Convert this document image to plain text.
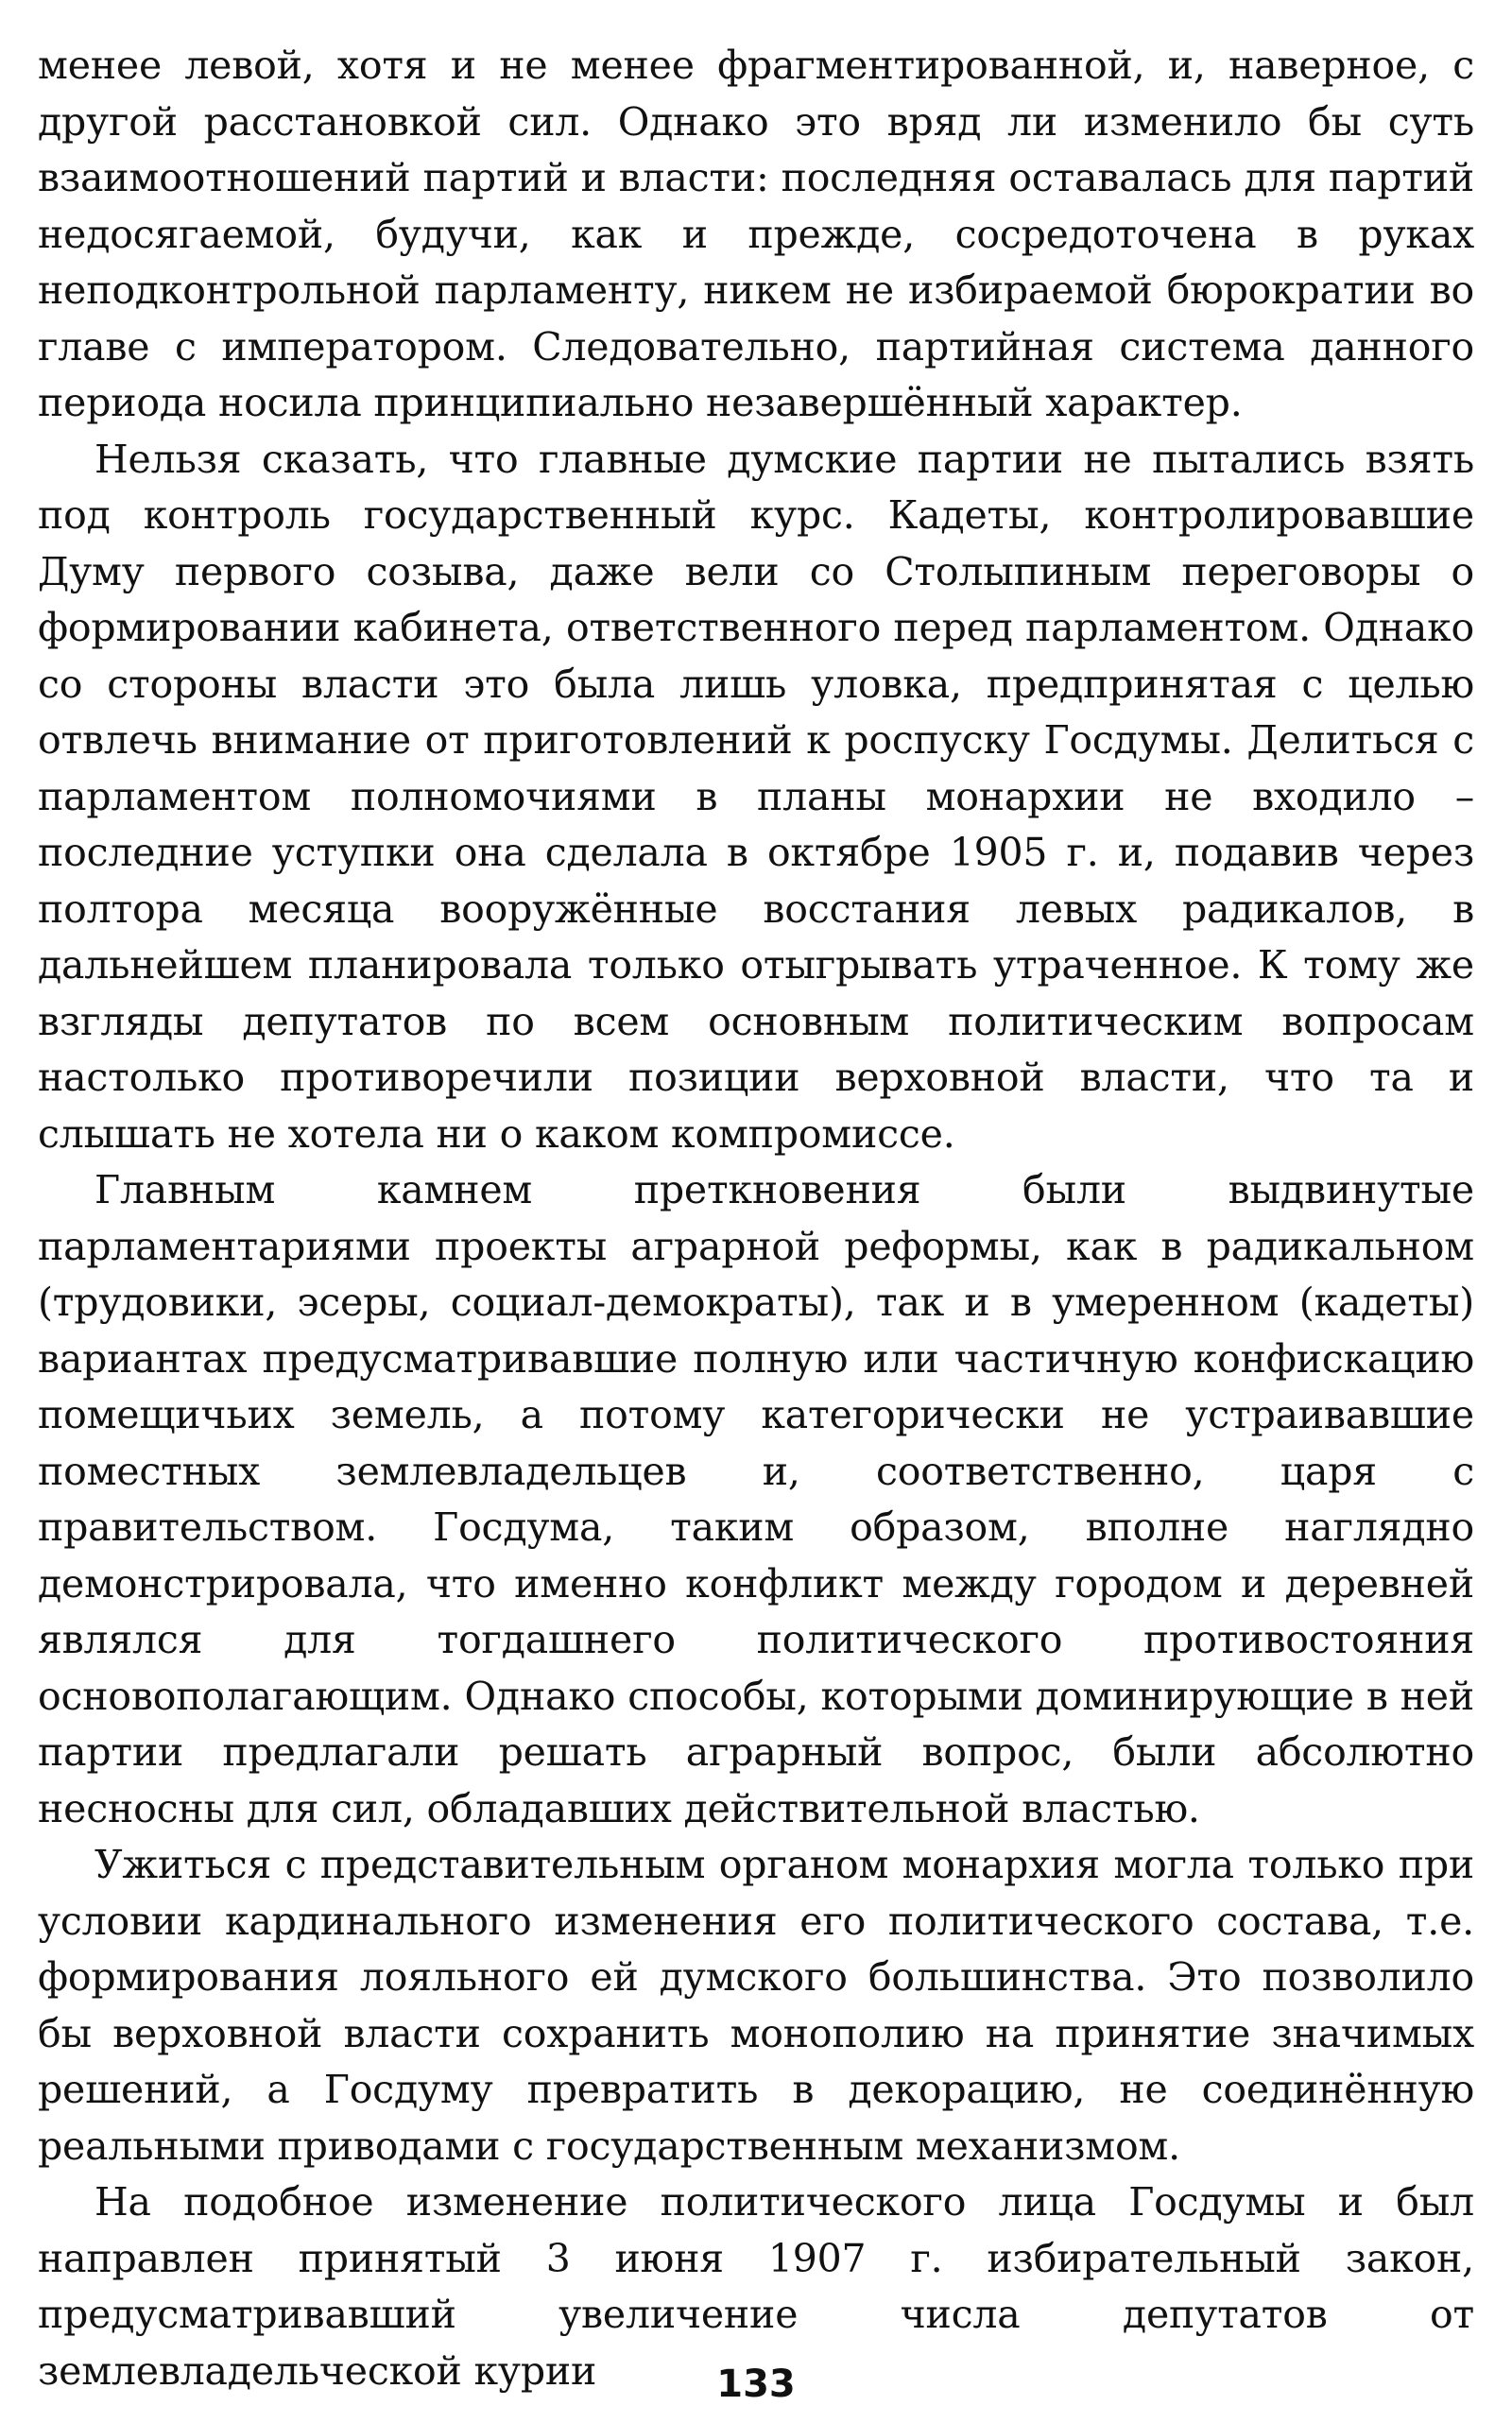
менее левой, хотя и не менее фрагментированной, и, наверное, с другой расстановкой сил. Однако это вряд ли изменило бы суть взаимоотношений партий и власти: последняя оставалась для партий недосягаемой, будучи, как и прежде, сосредоточена в руках неподконтрольной парламенту, никем не избираемой бюрократии во главе с императором. Следовательно, партийная система данного периода носила принципиально незавершённый характер.

Нельзя сказать, что главные думские партии не пытались взять под контроль государственный курс. Кадеты, контролировавшие Думу первого созыва, даже вели со Столыпиным переговоры о формировании кабинета, ответственного перед парламентом. Однако со стороны власти это была лишь уловка, предпринятая с целью отвлечь внимание от приготовлений к роспуску Госдумы. Делиться с парламентом полномочиями в планы монархии не входило – последние уступки она сделала в октябре 1905 г. и, подавив через полтора месяца вооружённые восстания левых радикалов, в дальнейшем планировала только отыгрывать утраченное. К тому же взгляды депутатов по всем основным политическим вопросам настолько противоречили позиции верховной власти, что та и слышать не хотела ни о каком компромиссе.

Главным камнем преткновения были выдвинутые парламентариями проекты аграрной реформы, как в радикальном (трудовики, эсеры, социал-демократы), так и в умеренном (кадеты) вариантах предусматривавшие полную или частичную конфискацию помещичьих земель, а потому категорически не устраивавшие поместных землевладельцев и, соответственно, царя с правительством. Госдума, таким образом, вполне наглядно демонстрировала, что именно конфликт между городом и деревней являлся для тогдашнего политического противостояния основополагающим. Однако способы, которыми доминирующие в ней партии предлагали решать аграрный вопрос, были абсолютно несносны для сил, обладавших действительной властью.

Ужиться с представительным органом монархия могла только при условии кардинального изменения его политического состава, т.е. формирования лояльного ей думского большинства. Это позволило бы верховной власти сохранить монополию на принятие значимых решений, а Госдуму превратить в декорацию, не соединённую реальными приводами с государственным механизмом.

На подобное изменение политического лица Госдумы и был направлен принятый 3 июня 1907 г. избирательный закон, предусматривавший увеличение числа депутатов от землевладельческой курии	133
